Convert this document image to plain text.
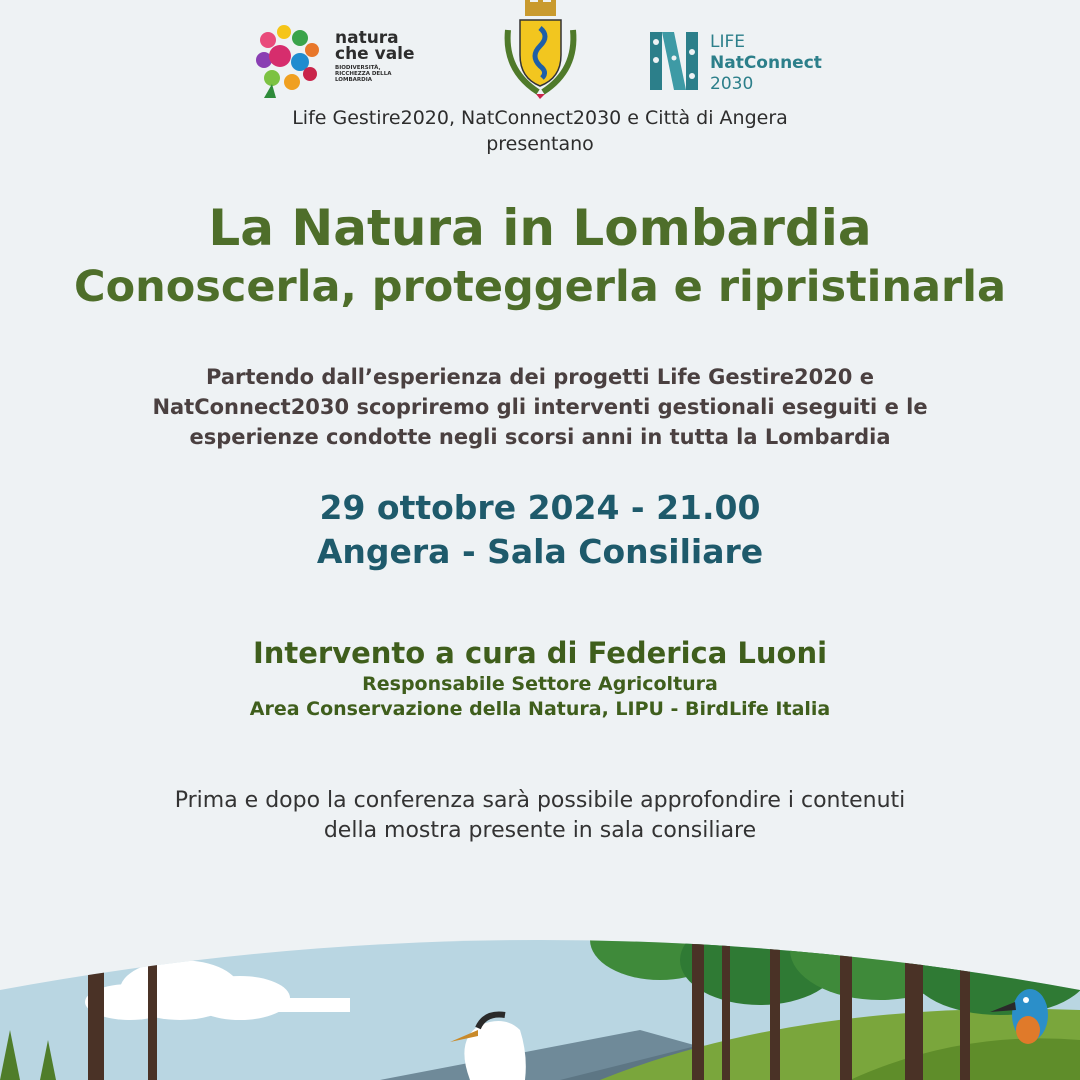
natura
che vale
BIODIVERSITÀ, RICCHEZZA DELLA LOMBARDIA
LIFE
NatConnect
2030
Life Gestire2020, NatConnect2030 e Città di Angera
presentano
La Natura in Lombardia
Conoscerla, proteggerla e ripristinarla
Partendo dall’esperienza dei progetti Life Gestire2020 e
NatConnect2030 scopriremo gli interventi gestionali eseguiti e le
esperienze condotte negli scorsi anni in tutta la Lombardia
29 ottobre 2024 - 21.00
Angera - Sala Consiliare
Intervento a cura di Federica Luoni
Responsabile Settore Agricoltura
Area Conservazione della Natura, LIPU - BirdLife Italia
Prima e dopo la conferenza sarà possibile approfondire i contenuti
della mostra presente in sala consiliare
